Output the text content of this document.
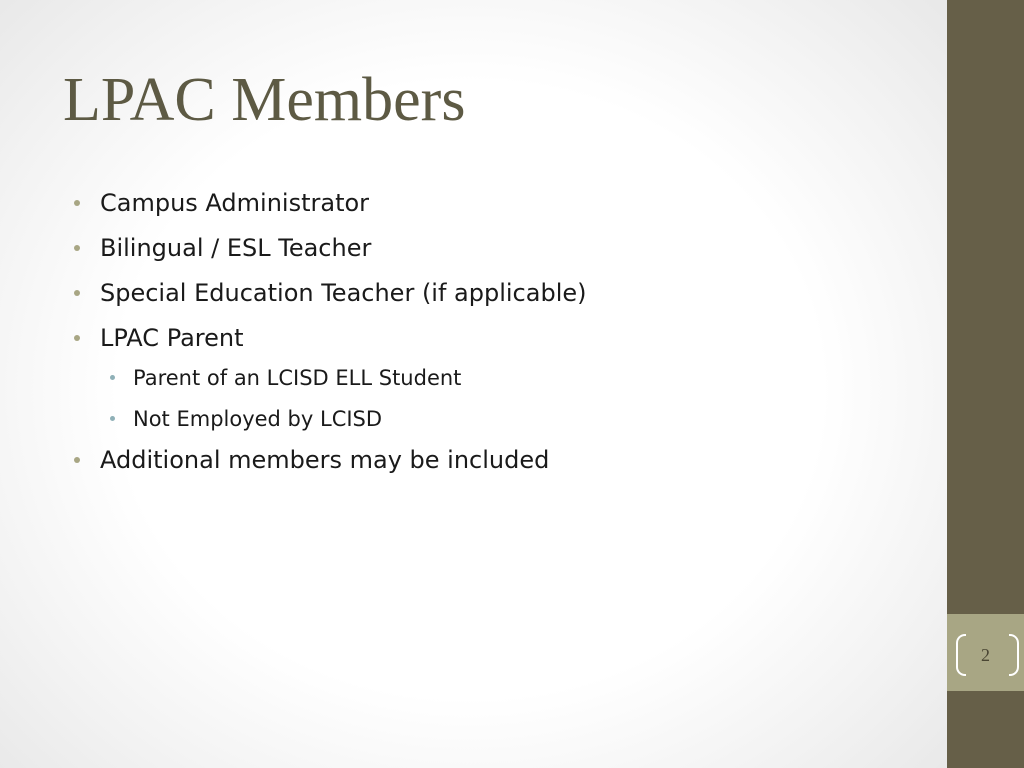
LPAC Members
Campus Administrator
Bilingual / ESL Teacher
Special Education Teacher (if applicable)
LPAC Parent
Parent of an LCISD ELL Student
Not Employed by LCISD
Additional members may be included
2
